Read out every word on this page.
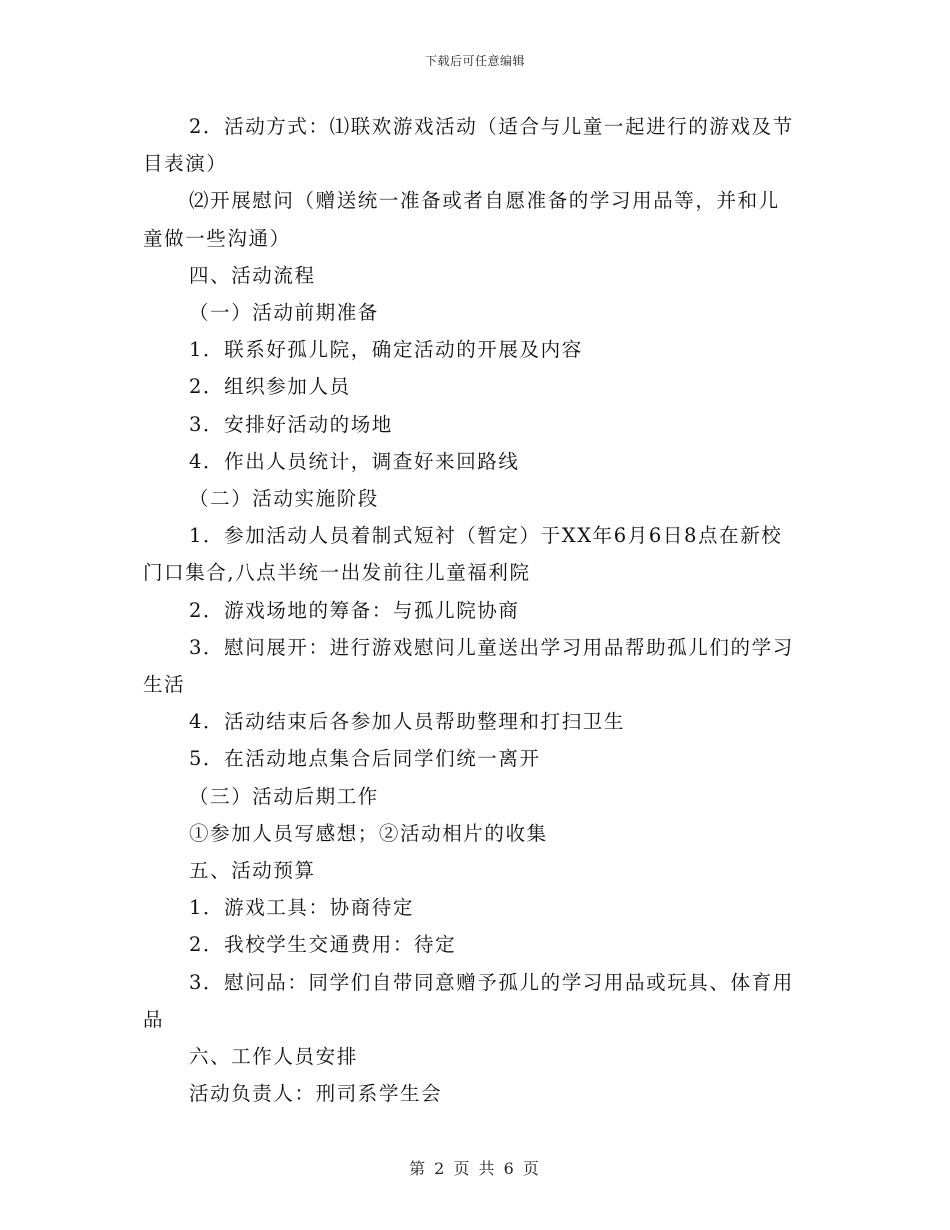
下载后可任意编辑
2．活动方式：⑴联欢游戏活动（适合与儿童一起进行的游戏及节
目表演）
⑵开展慰问（赠送统一准备或者自愿准备的学习用品等，并和儿
童做一些沟通）
四、活动流程
（一）活动前期准备
1．联系好孤儿院，确定活动的开展及内容
2．组织参加人员
3．安排好活动的场地
4．作出人员统计，调查好来回路线
（二）活动实施阶段
1．参加活动人员着制式短衬（暂定）于XX年6月6日8点在新校
门口集合,八点半统一出发前往儿童福利院
2．游戏场地的筹备：与孤儿院协商
3．慰问展开：进行游戏慰问儿童送出学习用品帮助孤儿们的学习
生活
4．活动结束后各参加人员帮助整理和打扫卫生
5．在活动地点集合后同学们统一离开
（三）活动后期工作
①参加人员写感想；②活动相片的收集
五、活动预算
1．游戏工具：协商待定
2．我校学生交通费用：待定
3．慰问品：同学们自带同意赠予孤儿的学习用品或玩具、体育用
品
六、工作人员安排
活动负责人：刑司系学生会
第 2 页 共 6 页
